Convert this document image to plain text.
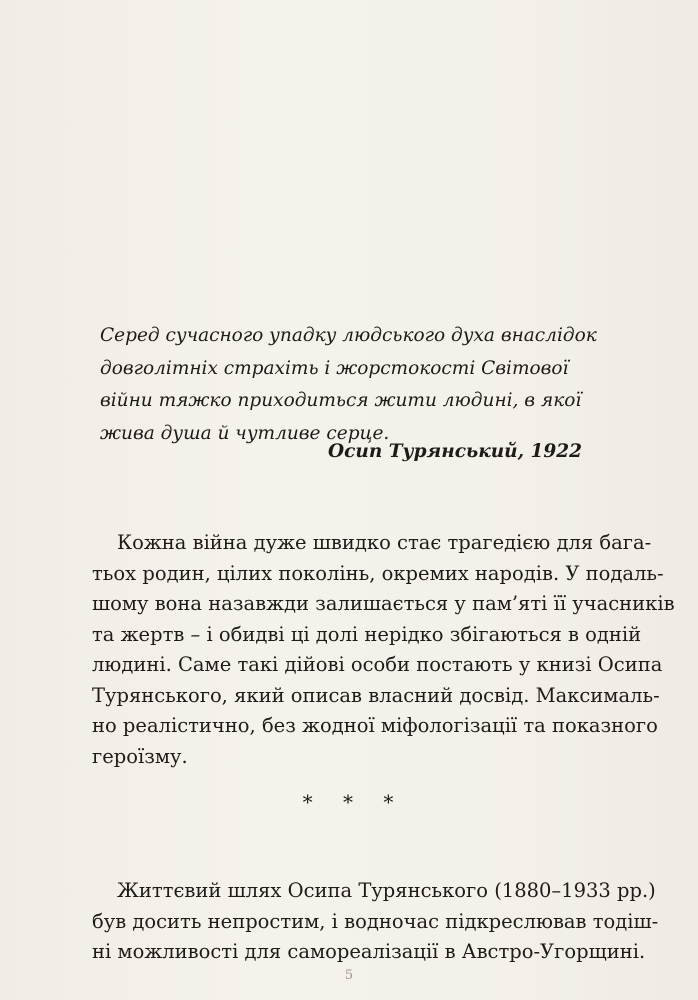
Серед сучасного упадку людського духа внаслідок
довголітніх страхіть і жорстокості Світової
війни тяжко приходиться жити людині, в якої
жива душа й чутливе серце.
Осип Турянський, 1922
Кожна війна дуже швидко стає трагедією для бага-
тьох родин, цілих поколінь, окремих народів. У подаль-
шому вона назавжди залишається у пам’яті її учасників
та жертв – і обидві ці долі нерідко збігаються в одній
людині. Саме такі дійові особи постають у книзі Осипа
Турянського, який описав власний досвід. Максималь-
но реалістично, без жодної міфологізації та показного
героїзму.
* * *
Життєвий шлях Осипа Турянського (1880–1933 рр.)
був досить непростим, і водночас підкреслював тодіш-
ні можливості для самореалізації в Австро-Угорщині.
5
